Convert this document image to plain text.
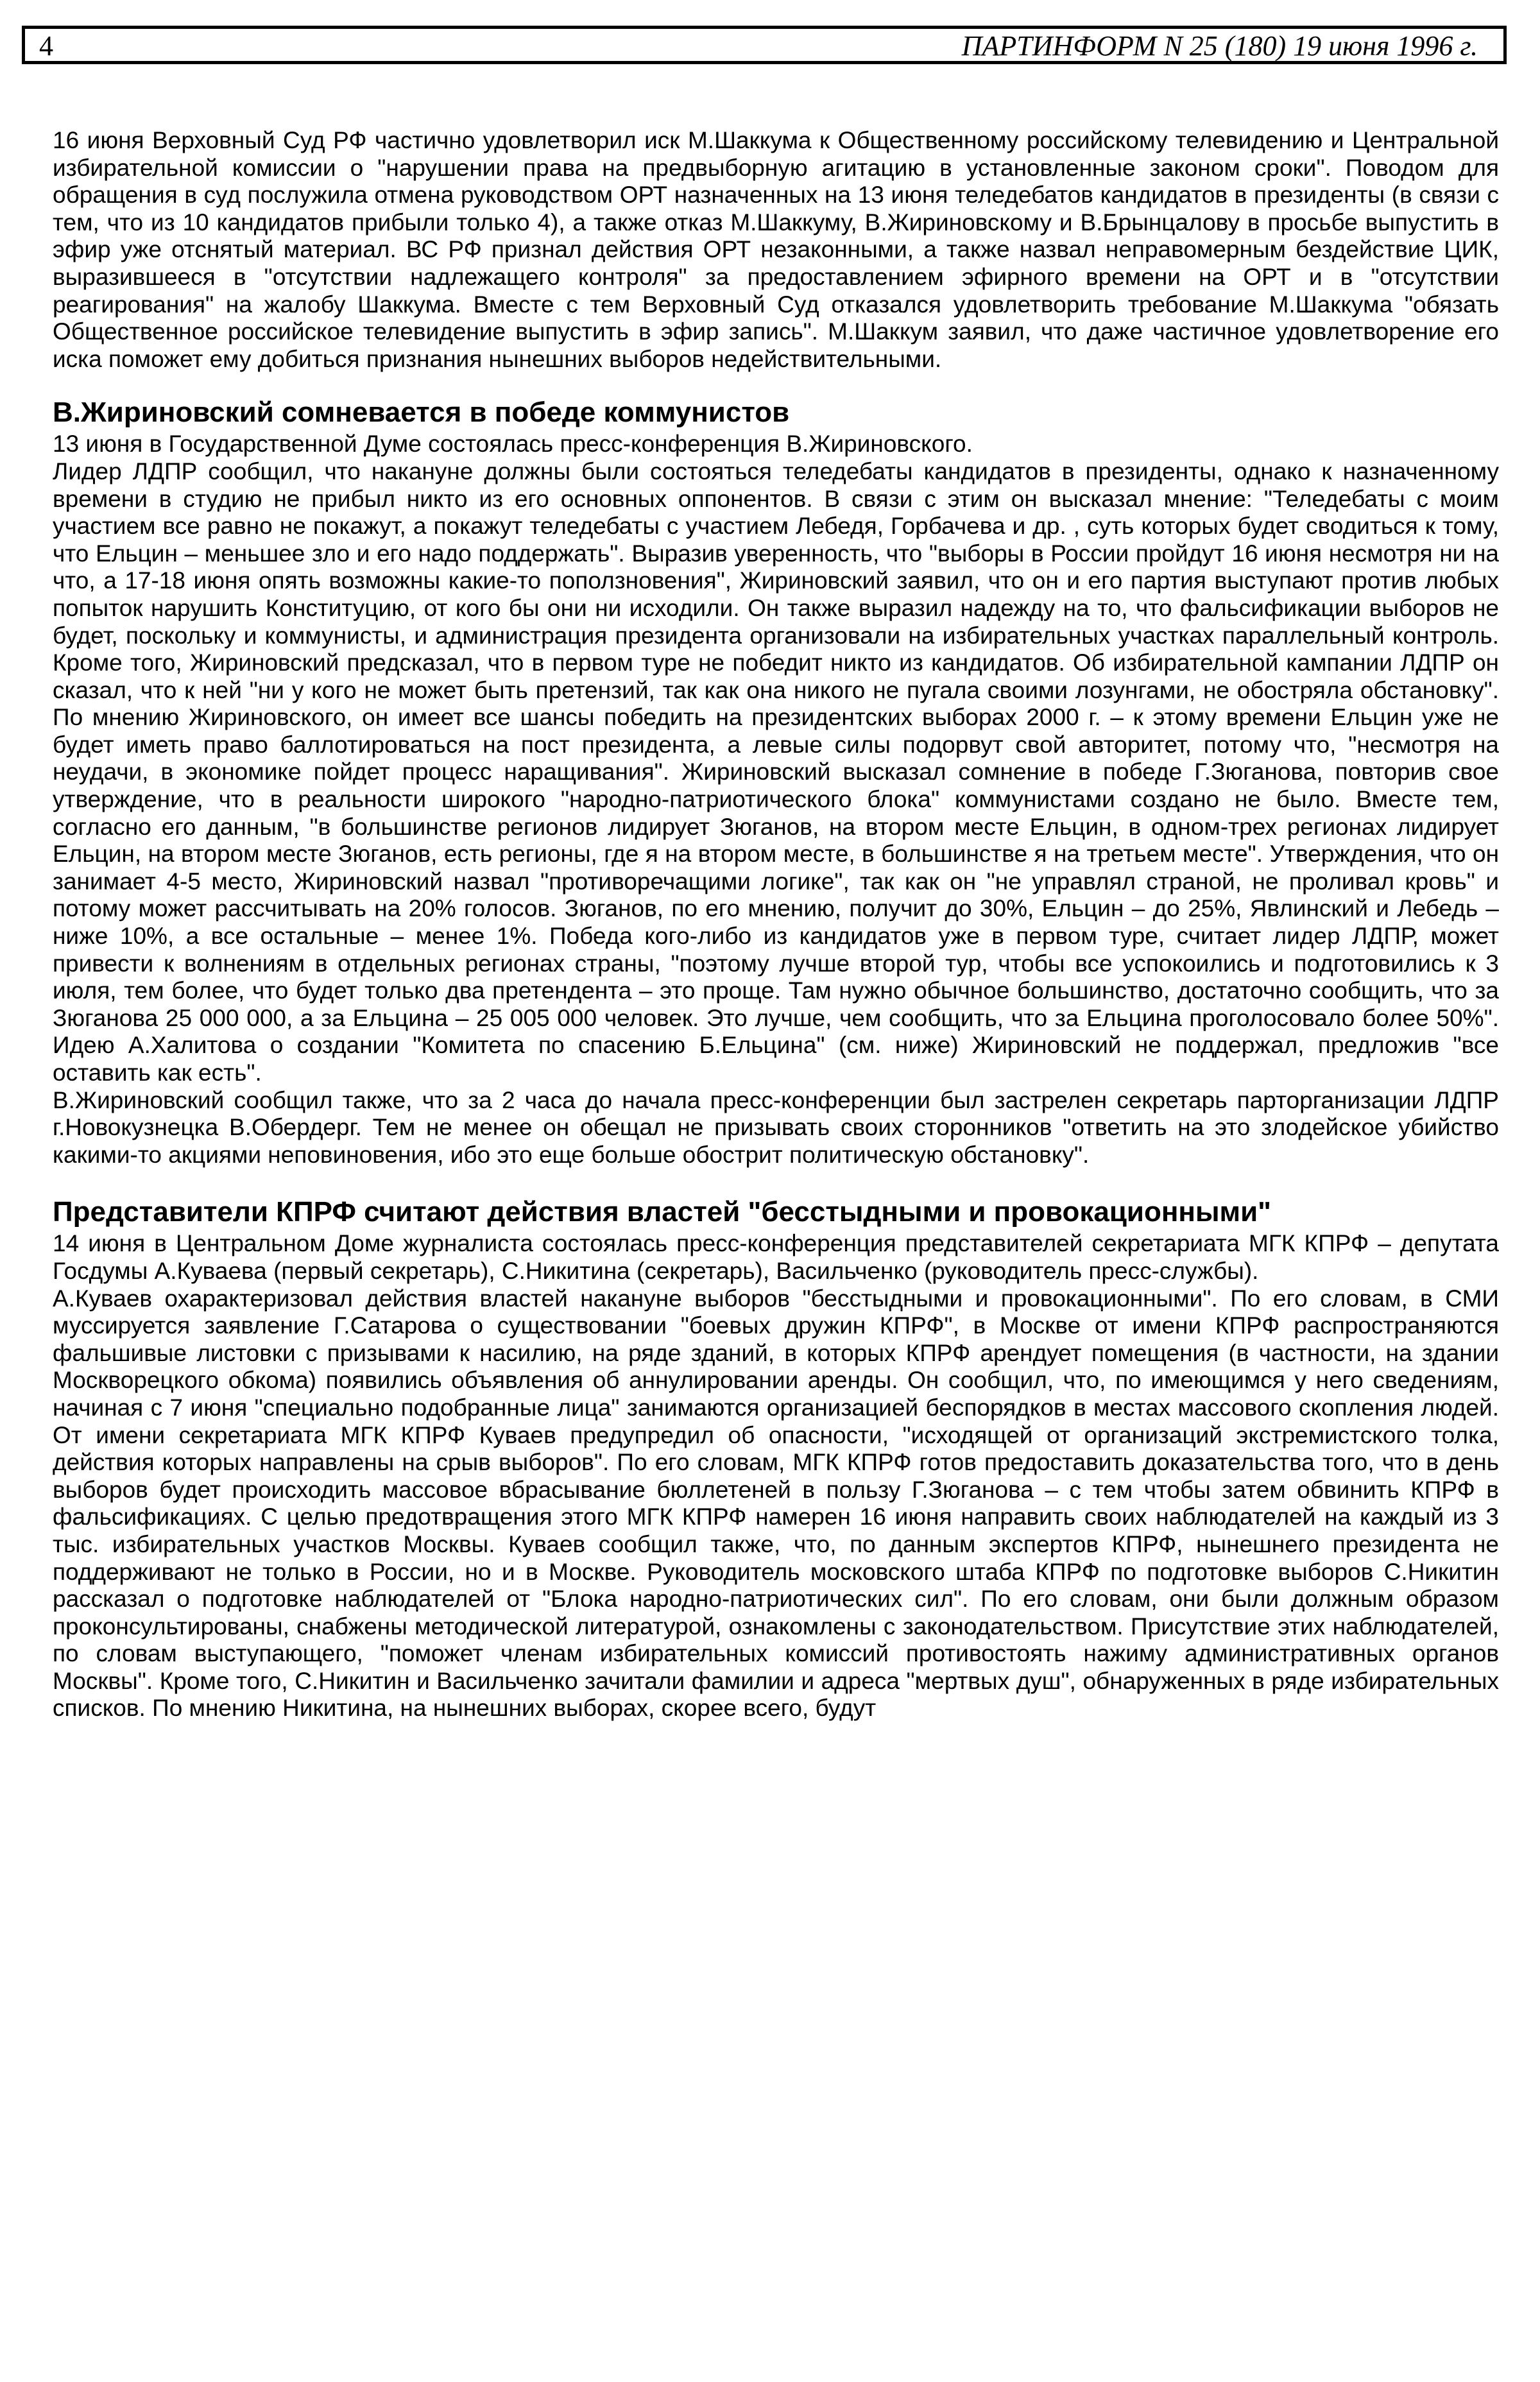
4	ПАРТИНФОРМ N 25 (180) 19 июня 1996 г.

16 июня Верховный Суд РФ частично удовлетворил иск М.Шаккума к Общественному российскому телевидению и Центральной избирательной комиссии о "нарушении права на предвыборную агитацию в установленные законом сроки". Поводом для обращения в суд послужила отмена руководством ОРТ назначенных на 13 июня теледебатов кандидатов в президенты (в связи с тем, что из 10 кандидатов прибыли только 4), а также отказ М.Шаккуму, В.Жириновскому и В.Брынцалову в просьбе выпустить в эфир уже отснятый материал. ВС РФ признал действия ОРТ незаконными, а также назвал неправомерным бездействие ЦИК, выразившееся в "отсутствии надлежащего контроля" за предоставлением эфирного времени на ОРТ и в "отсутствии реагирования" на жалобу Шаккума. Вместе с тем Верховный Суд отказался удовлетворить требование М.Шаккума "обязать Общественное российское телевидение выпустить в эфир запись". М.Шаккум заявил, что даже частичное удовлетворение его иска поможет ему добиться признания нынешних выборов недействительными.

В.Жириновский сомневается в победе коммунистов

13 июня в Государственной Думе состоялась пресс-конференция В.Жириновского.

Лидер ЛДПР сообщил, что накануне должны были состояться теледебаты кандидатов в президенты, однако к назначенному времени в студию не прибыл никто из его основных оппонентов. В связи с этим он высказал мнение: "Теледебаты с моим участием все равно не покажут, а покажут теледебаты с участием Лебедя, Горбачева и др. , суть которых будет сводиться к тому, что Ельцин – меньшее зло и его надо поддержать". Выразив уверенность, что "выборы в России пройдут 16 июня несмотря ни на что, а 17-18 июня опять возможны какие-то поползновения", Жириновский заявил, что он и его партия выступают против любых попыток нарушить Конституцию, от кого бы они ни исходили. Он также выразил надежду на то, что фальсификации выборов не будет, поскольку и коммунисты, и администрация президента организовали на избирательных участках параллельный контроль. Кроме того, Жириновский предсказал, что в первом туре не победит никто из кандидатов. Об избирательной кампании ЛДПР он сказал, что к ней "ни у кого не может быть претензий, так как она никого не пугала своими лозунгами, не обостряла обстановку". По мнению Жириновского, он имеет все шансы победить на президентских выборах 2000 г. – к этому времени Ельцин уже не будет иметь право баллотироваться на пост президента, а левые силы подорвут свой авторитет, потому что, "несмотря на неудачи, в экономике пойдет процесс наращивания". Жириновский высказал сомнение в победе Г.Зюганова, повторив свое утверждение, что в реальности широкого "народно-патриотического блока" коммунистами создано не было. Вместе тем, согласно его данным, "в большинстве регионов лидирует Зюганов, на втором месте Ельцин, в одном-трех регионах лидирует Ельцин, на втором месте Зюганов, есть регионы, где я на втором месте, в большинстве я на третьем месте". Утверждения, что он занимает 4-5 место, Жириновский назвал "противоречащими логике", так как он "не управлял страной, не проливал кровь" и потому может рассчитывать на 20% голосов. Зюганов, по его мнению, получит до 30%, Ельцин – до 25%, Явлинский и Лебедь – ниже 10%, а все остальные – менее 1%. Победа кого-либо из кандидатов уже в первом туре, считает лидер ЛДПР, может привести к волнениям в отдельных регионах страны, "поэтому лучше второй тур, чтобы все успокоились и подготовились к 3 июля, тем более, что будет только два претендента – это проще. Там нужно обычное большинство, достаточно сообщить, что за Зюганова 25 000 000, а за Ельцина – 25 005 000 человек. Это лучше, чем сообщить, что за Ельцина проголосовало более 50%". Идею А.Халитова о создании "Комитета по спасению Б.Ельцина" (см. ниже) Жириновский не поддержал, предложив "все оставить как есть".

В.Жириновский сообщил также, что за 2 часа до начала пресс-конференции был застрелен секретарь парторганизации ЛДПР г.Новокузнецка В.Обердерг. Тем не менее он обещал не призывать своих сторонников "ответить на это злодейское убийство какими-то акциями неповиновения, ибо это еще больше обострит политическую обстановку".

Представители КПРФ считают действия властей "бесстыдными и провокационными"

14 июня в Центральном Доме журналиста состоялась пресс-конференция представителей секретариата МГК КПРФ – депутата Госдумы А.Куваева (первый секретарь), С.Никитина (секретарь), Васильченко (руководитель пресс-службы).

А.Куваев охарактеризовал действия властей накануне выборов "бесстыдными и провокационными". По его словам, в СМИ муссируется заявление Г.Сатарова о существовании "боевых дружин КПРФ", в Москве от имени КПРФ распространяются фальшивые листовки с призывами к насилию, на ряде зданий, в которых КПРФ арендует помещения (в частности, на здании Москворецкого обкома) появились объявления об аннулировании аренды. Он сообщил, что, по имеющимся у него сведениям, начиная с 7 июня "специально подобранные лица" занимаются организацией беспорядков в местах массового скопления людей. От имени секретариата МГК КПРФ Куваев предупредил об опасности, "исходящей от организаций экстремистского толка, действия которых направлены на срыв выборов". По его словам, МГК КПРФ готов предоставить доказательства того, что в день выборов будет происходить массовое вбрасывание бюллетеней в пользу Г.Зюганова – с тем чтобы затем обвинить КПРФ в фальсификациях. С целью предотвращения этого МГК КПРФ намерен 16 июня направить своих наблюдателей на каждый из 3 тыс. избирательных участков Москвы. Куваев сообщил также, что, по данным экспертов КПРФ, нынешнего президента не поддерживают не только в России, но и в Москве. Руководитель московского штаба КПРФ по подготовке выборов С.Никитин рассказал о подготовке наблюдателей от "Блока народно-патриотических сил". По его словам, они были должным образом проконсультированы, снабжены методической литературой, ознакомлены с законодательством. Присутствие этих наблюдателей, по словам выступающего, "поможет членам избирательных комиссий противостоять нажиму административных органов Москвы". Кроме того, С.Никитин и Васильченко зачитали фамилии и адреса "мертвых душ", обнаруженных в ряде избирательных списков. По мнению Никитина, на нынешних выборах, скорее всего, будут
